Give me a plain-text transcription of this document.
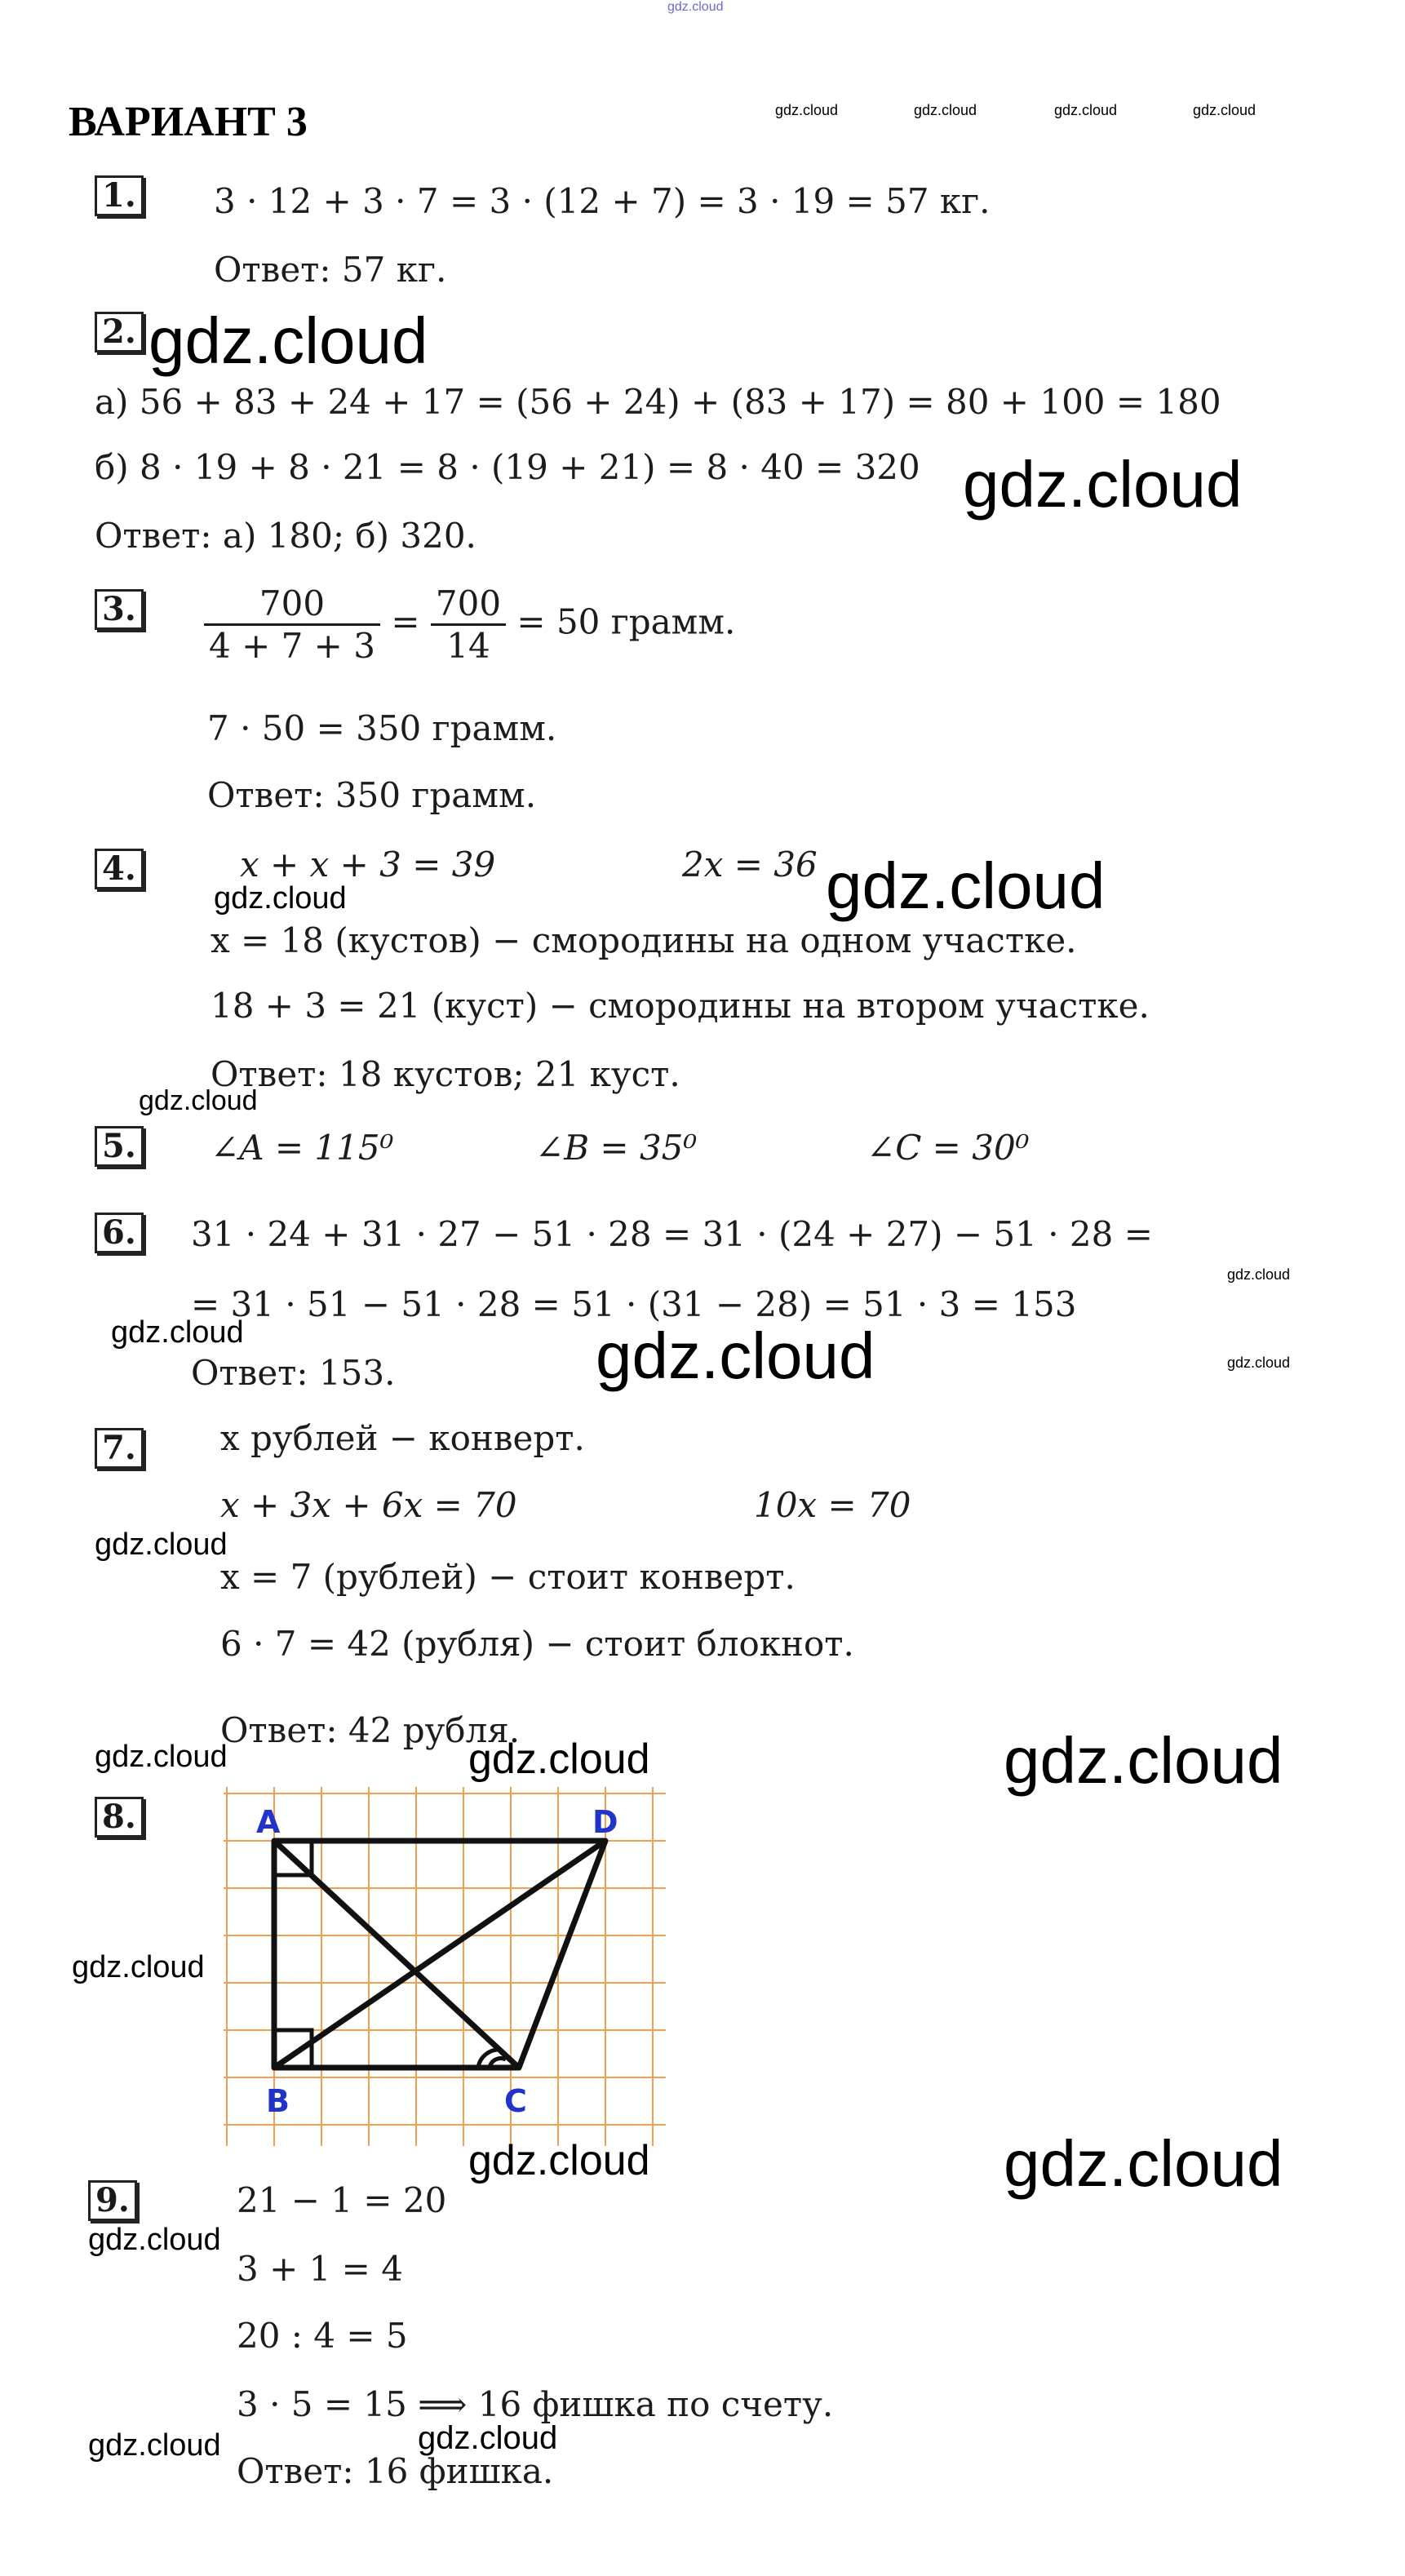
gdz.cloud
ВАРИАНТ 3	gdz.cloud	gdz.cloud	gdz.cloud	gdz.cloud
1. 3 · 12 + 3 · 7 = 3 · (12 + 7) = 3 · 19 = 57 кг.
Ответ: 57 кг.
2. gdz.cloud
а) 56 + 83 + 24 + 17 = (56 + 24) + (83 + 17) = 80 + 100 = 180
б) 8 · 19 + 8 · 21 = 8 · (19 + 21) = 8 · 40 = 320 gdz.cloud
Ответ: а) 180; б) 320.
3. $\frac{700}{4 + 7 + 3} = \frac{700}{14} = 50$ грамм.
7 · 50 = 350 грамм.
Ответ: 350 грамм.
4.	x + x + 3 = 39	2x = 36
gdz.cloud	gdz.cloud
x = 18 (кустов) − смородины на одном участке.
18 + 3 = 21 (куст) − смородины на втором участке.
Ответ: 18 кустов; 21 куст.
gdz.cloud
5. ∠A = 115⁰	∠B = 35⁰	∠C = 30⁰
6. 31 · 24 + 31 · 27 − 51 · 28 = 31 · (24 + 27) − 51 · 28 =
gdz.cloud
= 31 · 51 − 51 · 28 = 51 · (31 − 28) = 51 · 3 = 153
gdz.cloud	gdz.cloud	gdz.cloud
Ответ: 153.
7. x рублей − конверт.
x + 3x + 6x = 70	10x = 70
gdz.cloud
x = 7 (рублей) − стоит конверт.
6 · 7 = 42 (рубля) − стоит блокнот.
Ответ: 42 рубля.
gdz.cloud	gdz.cloud	gdz.cloud
8.
gdz.cloud
A	D
B	C
gdz.cloud	gdz.cloud
9.	21 − 1 = 20
gdz.cloud
3 + 1 = 4
20 : 4 = 5
3 · 5 = 15 ⟹ 16 фишка по счету.
gdz.cloud
gdz.cloud
Ответ: 16 фишка.
